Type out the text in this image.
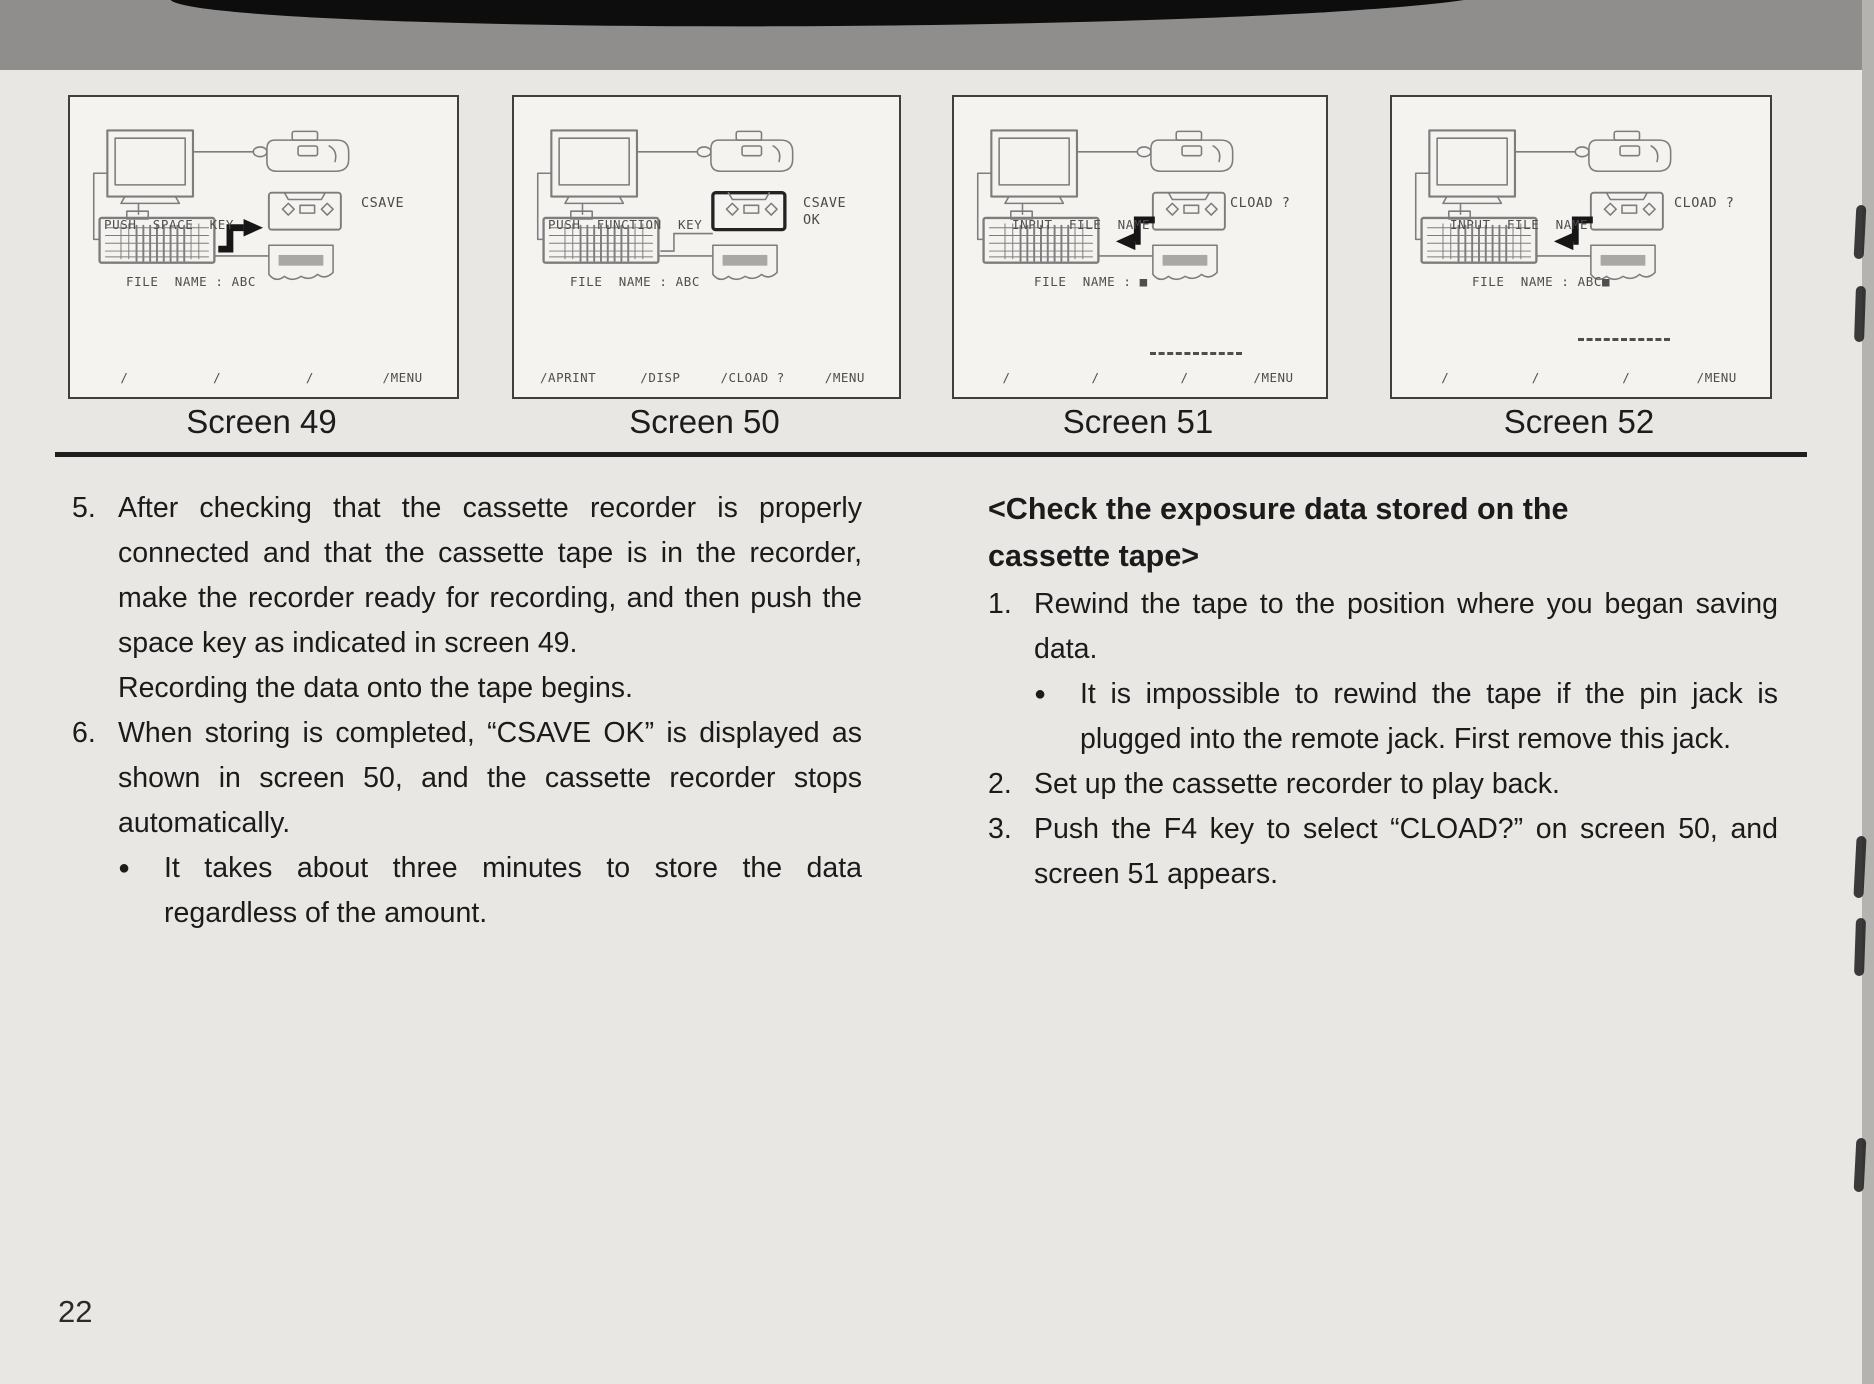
CSAVE

PUSH  SPACE  KEY

FILE  NAME : ABC

/	/	/	/MENU
CSAVE
OK

PUSH  FUNCTION  KEY

FILE  NAME : ABC

/APRINT	/DISP	/CLOAD ?	/MENU
CLOAD ?

INPUT  FILE  NAME

FILE  NAME : ■

/	/	/	/MENU
CLOAD ?

INPUT  FILE  NAME

FILE  NAME : ABC■

/	/	/	/MENU
Screen 49	Screen 50	Screen 51	Screen 52
5. After checking that the cassette recorder is properly connected and that the cassette tape is in the recorder, make the recorder ready for recording, and then push the space key as indicated in screen 49.
Recording the data onto the tape begins.
6. When storing is completed, “CSAVE OK” is displayed as shown in screen 50, and the cassette recorder stops automatically.
●	It takes about three minutes to store the data regardless of the amount.
<Check the exposure data stored on the cassette tape>
1. Rewind the tape to the position where you began saving data.
●	It is impossible to rewind the tape if the pin jack is plugged into the remote jack. First remove this jack.
2. Set up the cassette recorder to play back.
3. Push the F4 key to select “CLOAD?” on screen 50, and screen 51 appears.
22
